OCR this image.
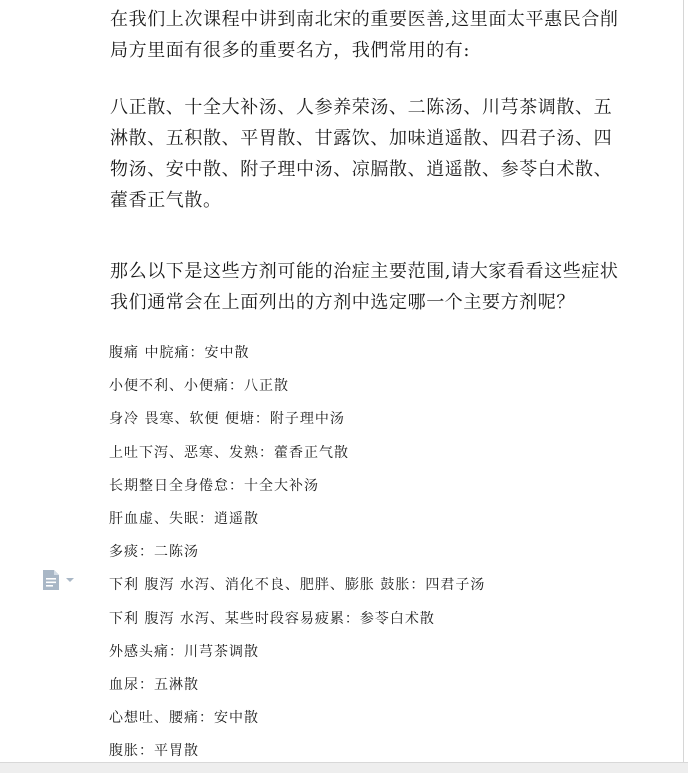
在我们上次课程中讲到南北宋的重要医善,这里面太平惠民合削局方里面有很多的重要名方，我們常用的有:

八正散、十全大补汤、人参养荣汤、二陈汤、川芎茶调散、五淋散、五积散、平胃散、甘露饮、加味逍遥散、四君子汤、四物汤、安中散、附子理中汤、凉膈散、逍遥散、参苓白术散、藿香正气散。

那么以下是这些方剂可能的治症主要范围,请大家看看这些症状我们通常会在上面列出的方剂中选定哪一个主要方剂呢？

腹痛 中脘痛：安中散
小便不利、小便痛：八正散
身冷 畏寒、软便 便塘：附子理中汤
上吐下泻、恶寒、发熟：藿香正气散
长期整日全身倦怠：十全大补汤
肝血虚、失眠：逍遥散
多痰：二陈汤
下利 腹泻 水泻、消化不良、肥胖、膨胀 鼓胀：四君子汤
下利 腹泻 水泻、某些时段容易疲累：参苓白术散
外感头痛：川芎茶调散
血尿：五淋散
心想吐、腰痛：安中散
腹胀：平胃散
